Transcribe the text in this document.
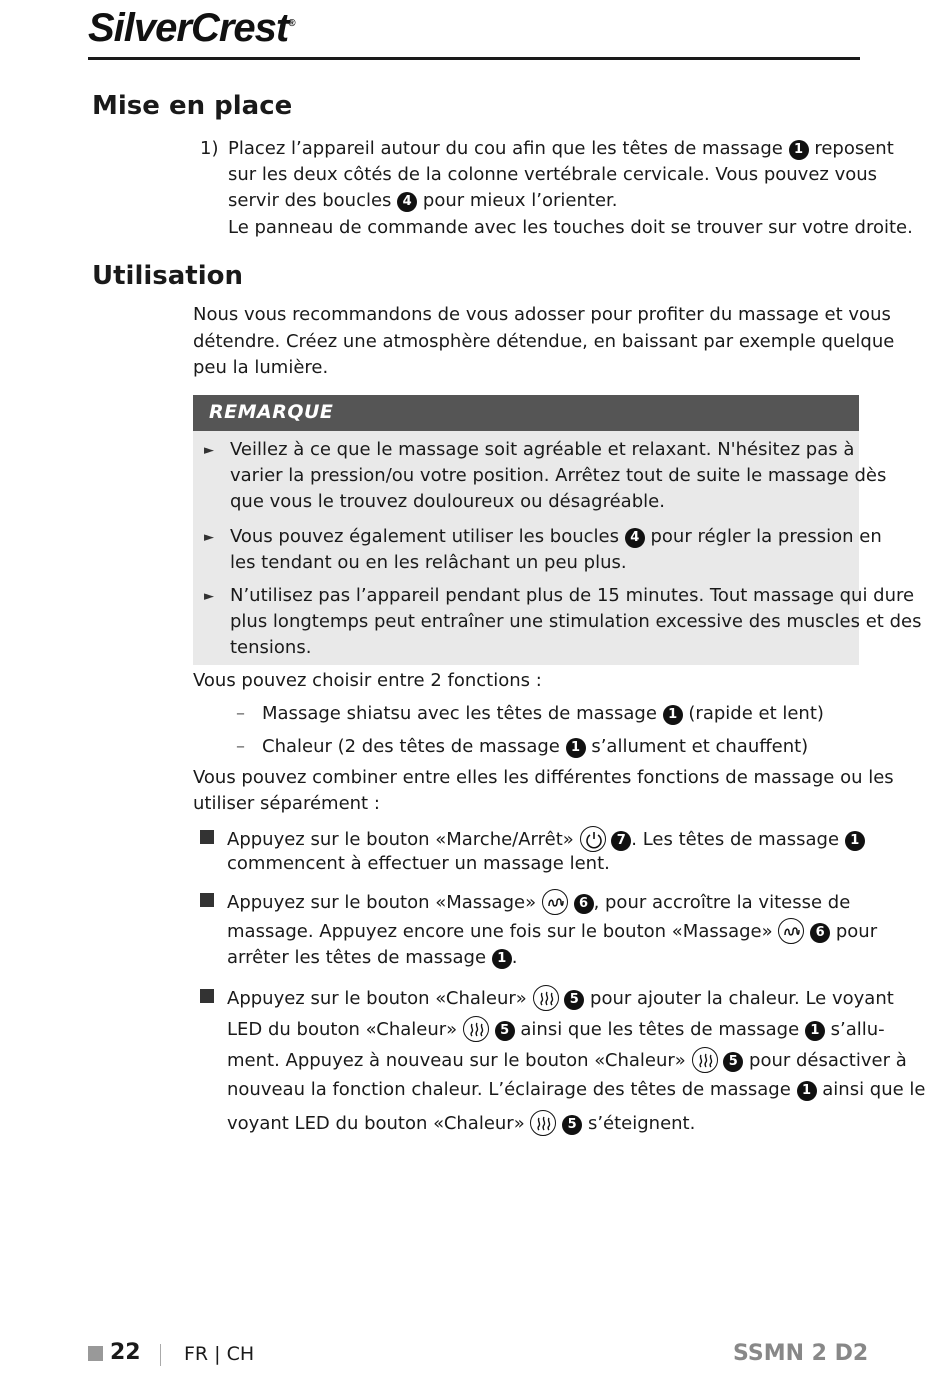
SilverCrest®
Mise en place
1) Placez l’appareil autour du cou afin que les têtes de massage 1 reposent
sur les deux côtés de la colonne vertébrale cervicale. Vous pouvez vous
servir des boucles 4 pour mieux l’orienter.
Le panneau de commande avec les touches doit se trouver sur votre droite.
Utilisation
Nous vous recommandons de vous adosser pour profiter du massage et vous
détendre. Créez une atmosphère détendue, en baissant par exemple quelque
peu la lumière.
REMARQUE
► Veillez à ce que le massage soit agréable et relaxant. N'hésitez pas à
varier la pression/ou votre position. Arrêtez tout de suite le massage dès
que vous le trouvez douloureux ou désagréable.
► Vous pouvez également utiliser les boucles 4 pour régler la pression en
les tendant ou en les relâchant un peu plus.
► N’utilisez pas l’appareil pendant plus de 15 minutes. Tout massage qui dure
plus longtemps peut entraîner une stimulation excessive des muscles et des
tensions.
Vous pouvez choisir entre 2 fonctions :
– Massage shiatsu avec les têtes de massage 1 (rapide et lent)
– Chaleur (2 des têtes de massage 1 s’allument et chauffent)
Vous pouvez combiner entre elles les différentes fonctions de massage ou les
utiliser séparément :
Appuyez sur le bouton «Marche/Arrêt»	7 . Les têtes de massage 1
commencent à effectuer un massage lent.
Appuyez sur le bouton «Massage»	6 , pour accroître la vitesse de
massage. Appuyez encore une fois sur le bouton «Massage»	6 pour
arrêter les têtes de massage 1 .
Appuyez sur le bouton «Chaleur»	5 pour ajouter la chaleur. Le voyant
LED du bouton «Chaleur»	5 ainsi que les têtes de massage 1 s’allu-
ment. Appuyez à nouveau sur le bouton «Chaleur»	5 pour désactiver à
nouveau la fonction chaleur. L’éclairage des têtes de massage 1 ainsi que le
voyant LED du bouton «Chaleur»	5 s’éteignent.
22 FR | CH	SSMN 2 D2
